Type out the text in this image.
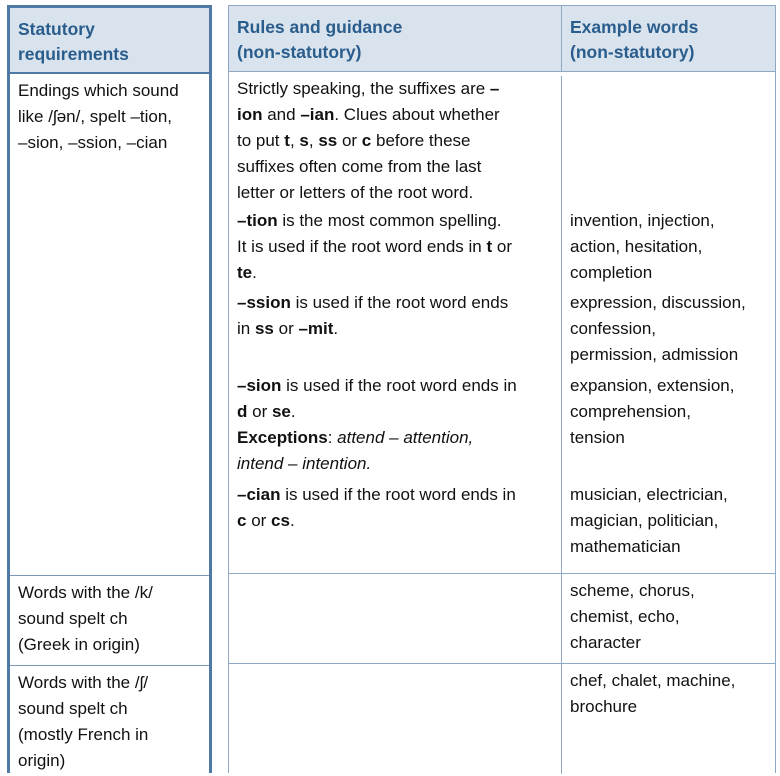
Statutory
requirements
Endings which sound
like /ʃən/, spelt –tion,
–sion, –ssion, –cian
Words with the /k/
sound spelt ch
(Greek in origin)
Words with the /ʃ/
sound spelt ch
(mostly French in
origin)
Rules and guidance
(non-statutory)
Example words
(non-statutory)
Strictly speaking, the suffixes are –
ion and –ian. Clues about whether
to put t, s, ss or c before these
suffixes often come from the last
letter or letters of the root word.
–tion is the most common spelling.
It is used if the root word ends in t or
te.
invention, injection,
action, hesitation,
completion
–ssion is used if the root word ends
in ss or –mit.
expression, discussion,
confession,
permission, admission
–sion is used if the root word ends in
d or se.
Exceptions: attend – attention,
intend – intention.
expansion, extension,
comprehension,
tension
–cian is used if the root word ends in
c or cs.
musician, electrician,
magician, politician,
mathematician
scheme, chorus,
chemist, echo,
character
chef, chalet, machine,
brochure
